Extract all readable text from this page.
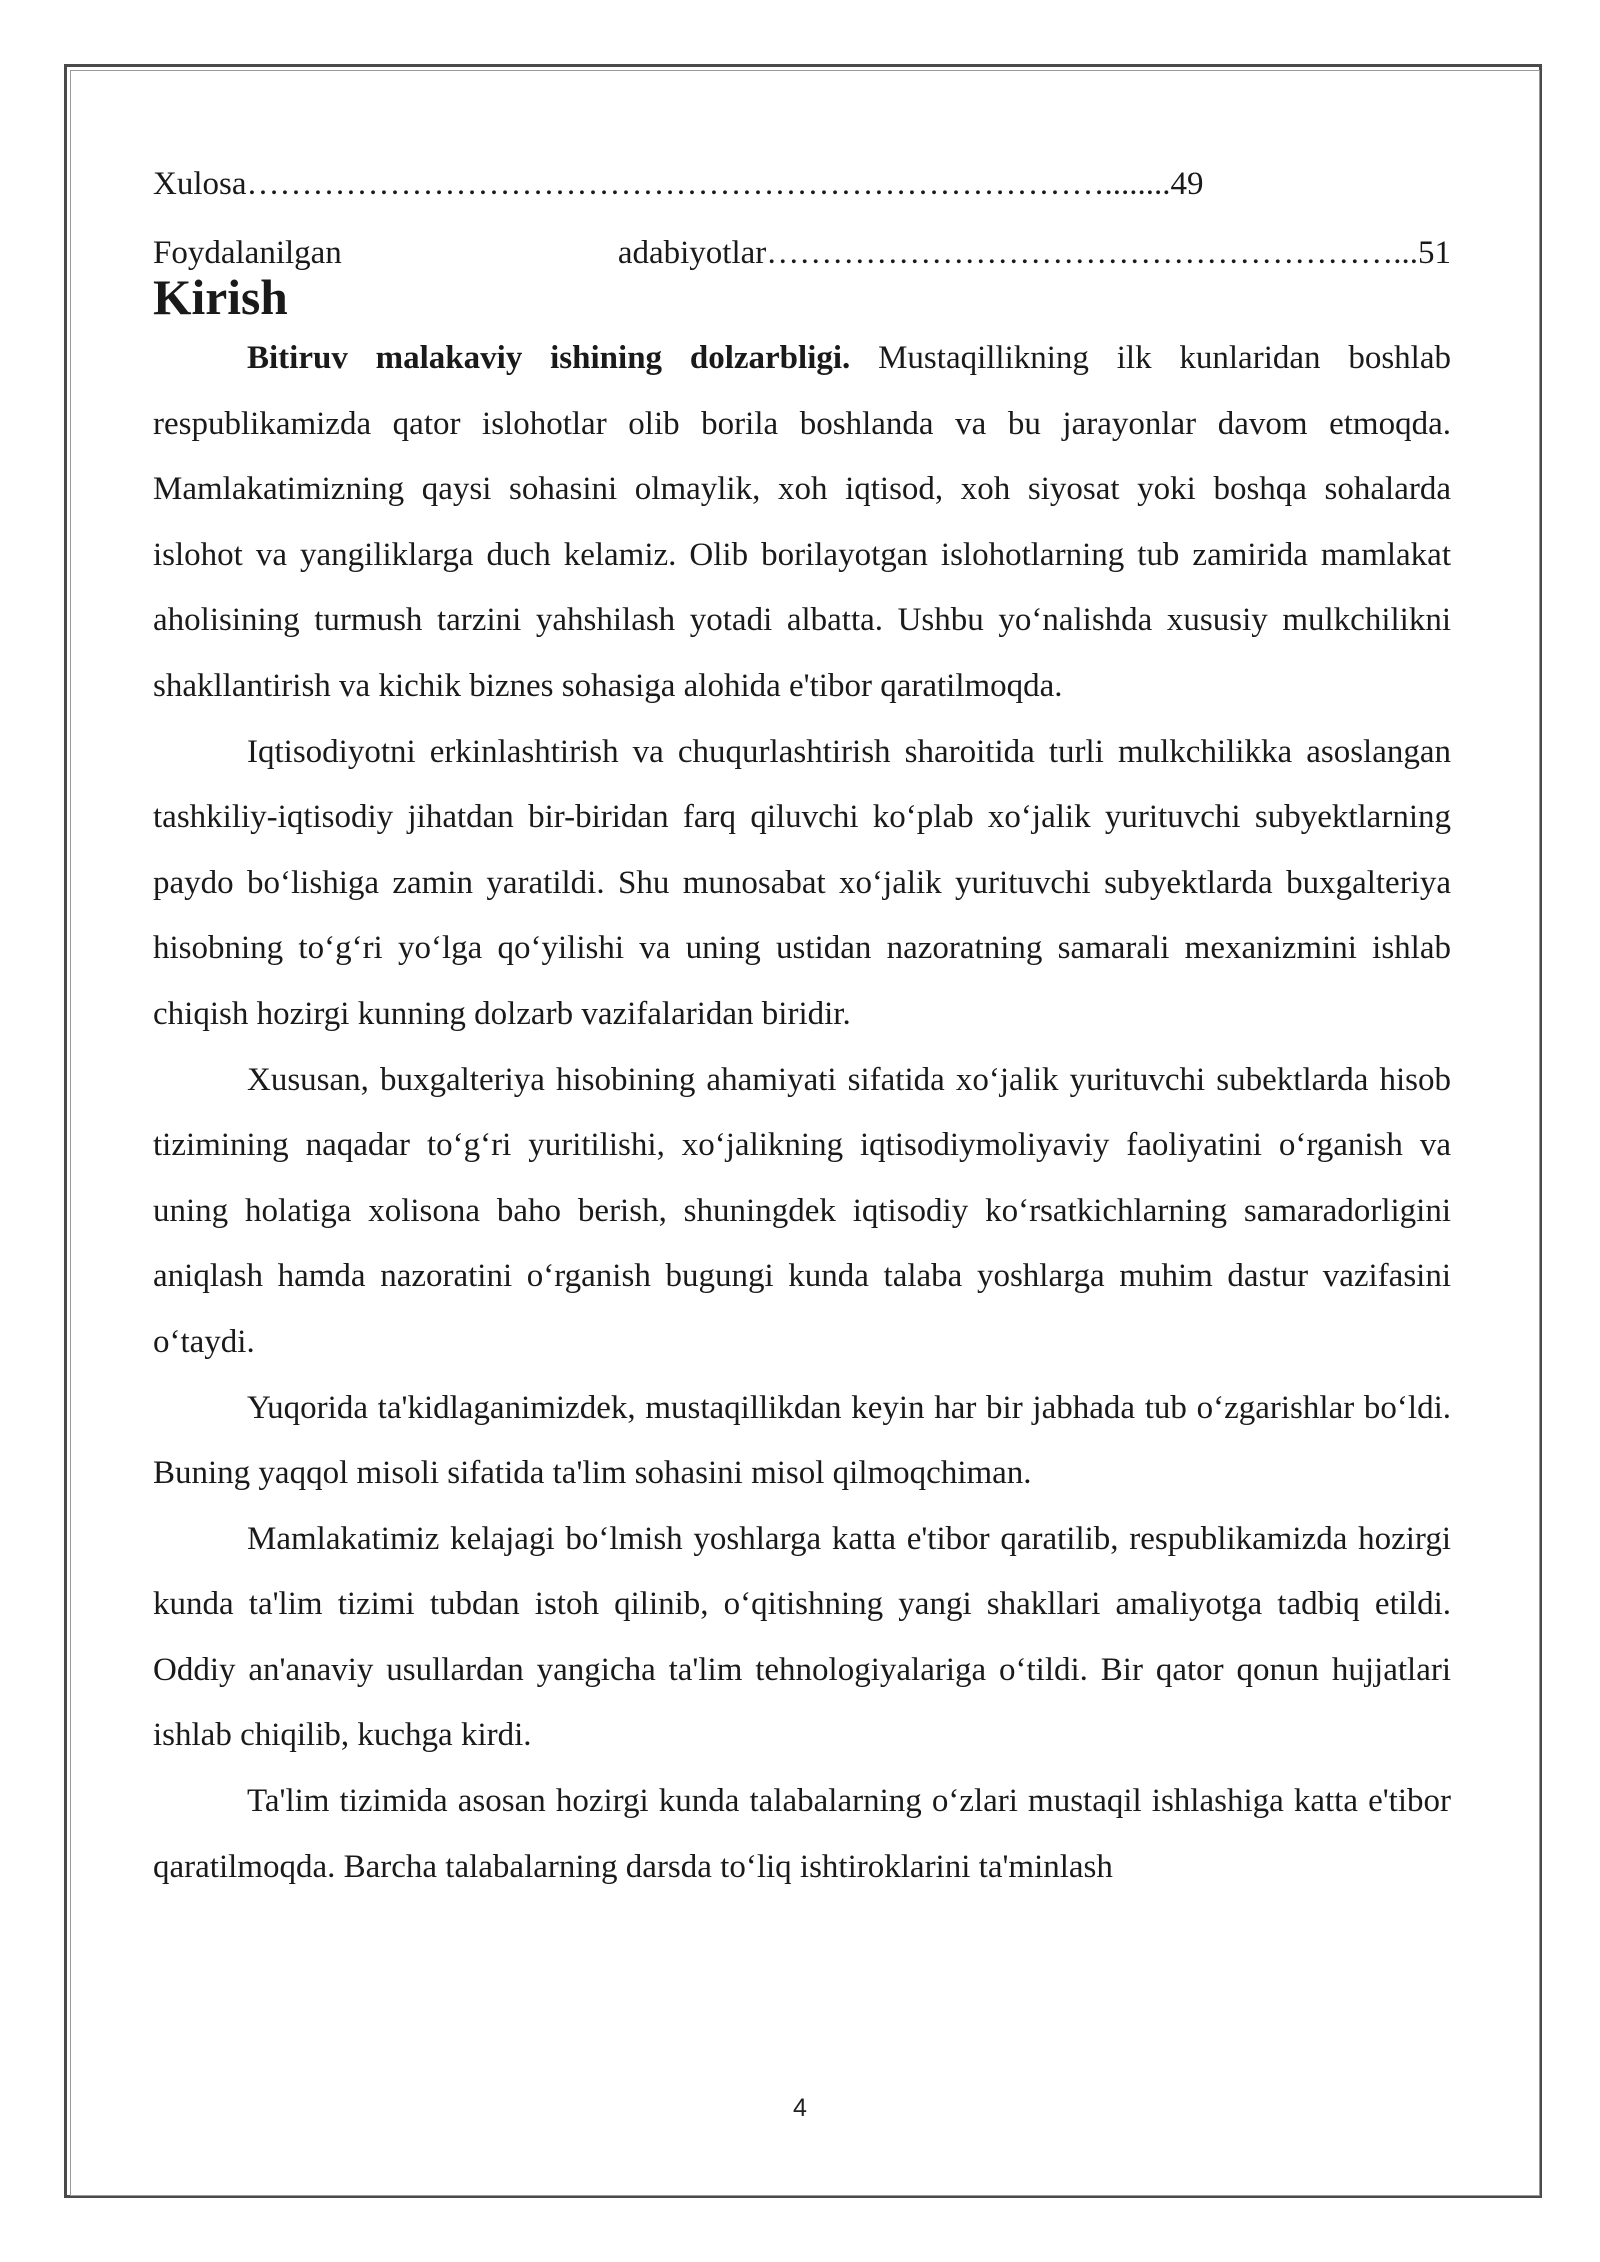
Xulosa……………………………………………………………………........49

Foydalanilgan	adabiyotlar…………………………………………………...51

Kirish

Bitiruv malakaviy ishining dolzarbligi. Mustaqillikning ilk kunlaridan boshlab respublikamizda qator islohotlar olib borila boshlanda va bu jarayonlar davom etmoqda. Mamlakatimizning qaysi sohasini olmaylik, xoh iqtisod, xoh siyosat yoki boshqa sohalarda islohot va yangiliklarga duch kelamiz. Olib borilayotgan islohotlarning tub zamirida mamlakat aholisining turmush tarzini yahshilash yotadi albatta. Ushbu yo‘nalishda xususiy mulkchilikni shakllantirish va kichik biznes sohasiga alohida e'tibor qaratilmoqda.

Iqtisodiyotni erkinlashtirish va chuqurlashtirish sharoitida turli mulkchilikka asoslangan tashkiliy-iqtisodiy jihatdan bir-biridan farq qiluvchi ko‘plab xo‘jalik yurituvchi subyektlarning paydo bo‘lishiga zamin yaratildi. Shu munosabat xo‘jalik yurituvchi subyektlarda buxgalteriya hisobning to‘g‘ri yo‘lga qo‘yilishi va uning ustidan nazoratning samarali mexanizmini ishlab chiqish hozirgi kunning dolzarb vazifalaridan biridir.

Xususan, buxgalteriya hisobining ahamiyati sifatida xo‘jalik yurituvchi subektlarda hisob tizimining naqadar to‘g‘ri yuritilishi, xo‘jalikning iqtisodiymoliyaviy faoliyatini o‘rganish va uning holatiga xolisona baho berish, shuningdek iqtisodiy ko‘rsatkichlarning samaradorligini aniqlash hamda nazoratini o‘rganish bugungi kunda talaba yoshlarga muhim dastur vazifasini o‘taydi.

Yuqorida ta'kidlaganimizdek, mustaqillikdan keyin har bir jabhada tub o‘zgarishlar bo‘ldi. Buning yaqqol misoli sifatida ta'lim sohasini misol qilmoqchiman.

Mamlakatimiz kelajagi bo‘lmish yoshlarga katta e'tibor qaratilib, respublikamizda hozirgi kunda ta'lim tizimi tubdan istoh qilinib, o‘qitishning yangi shakllari amaliyotga tadbiq etildi. Oddiy an'anaviy usullardan yangicha ta'lim tehnologiyalariga o‘tildi. Bir qator qonun hujjatlari ishlab chiqilib, kuchga kirdi.

Ta'lim tizimida asosan hozirgi kunda talabalarning o‘zlari mustaqil ishlashiga katta e'tibor qaratilmoqda. Barcha talabalarning darsda to‘liq ishtiroklarini ta'minlash

4
